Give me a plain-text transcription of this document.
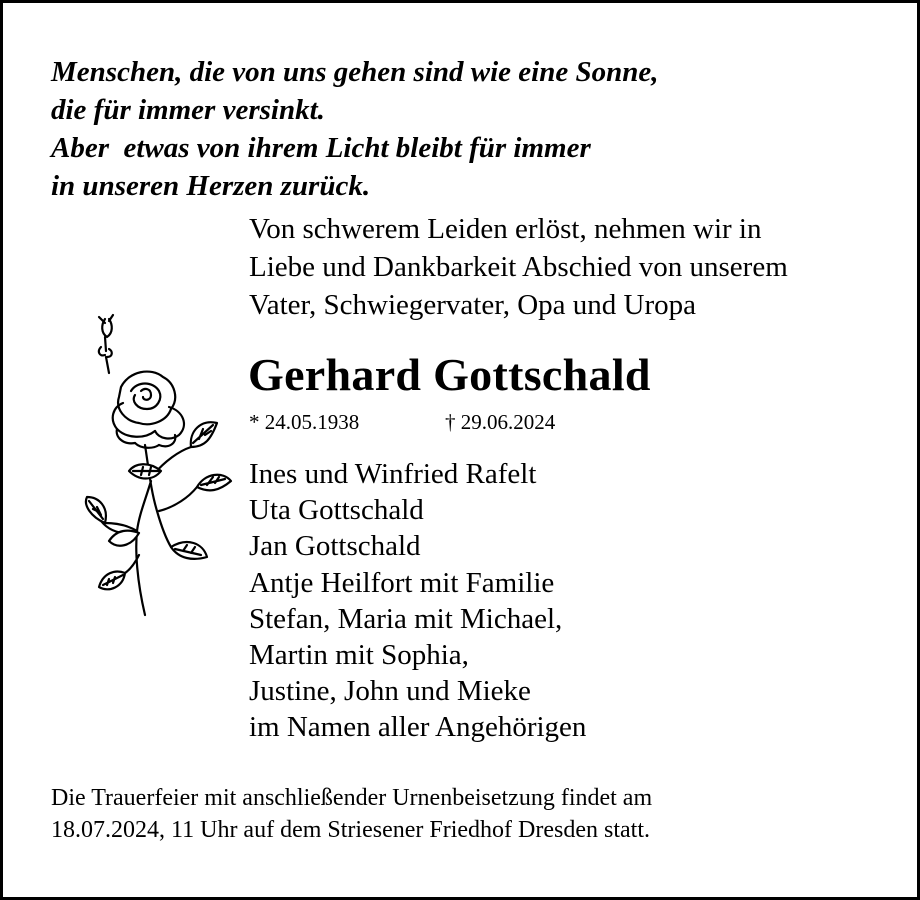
Menschen, die von uns gehen sind wie eine Sonne,
die für immer versinkt.
Aber  etwas von ihrem Licht bleibt für immer
in unseren Herzen zurück.
Von schwerem Leiden erlöst, nehmen wir in
Liebe und Dankbarkeit Abschied von unserem
Vater, Schwiegervater, Opa und Uropa
Gerhard Gottschald
* 24.05.1938	† 29.06.2024
Ines und Winfried Rafelt
Uta Gottschald
Jan Gottschald
Antje Heilfort mit Familie
Stefan, Maria mit Michael,
Martin mit Sophia,
Justine, John und Mieke
im Namen aller Angehörigen
Die Trauerfeier mit anschließender Urnenbeisetzung findet am
18.07.2024, 11 Uhr auf dem Striesener Friedhof Dresden statt.
